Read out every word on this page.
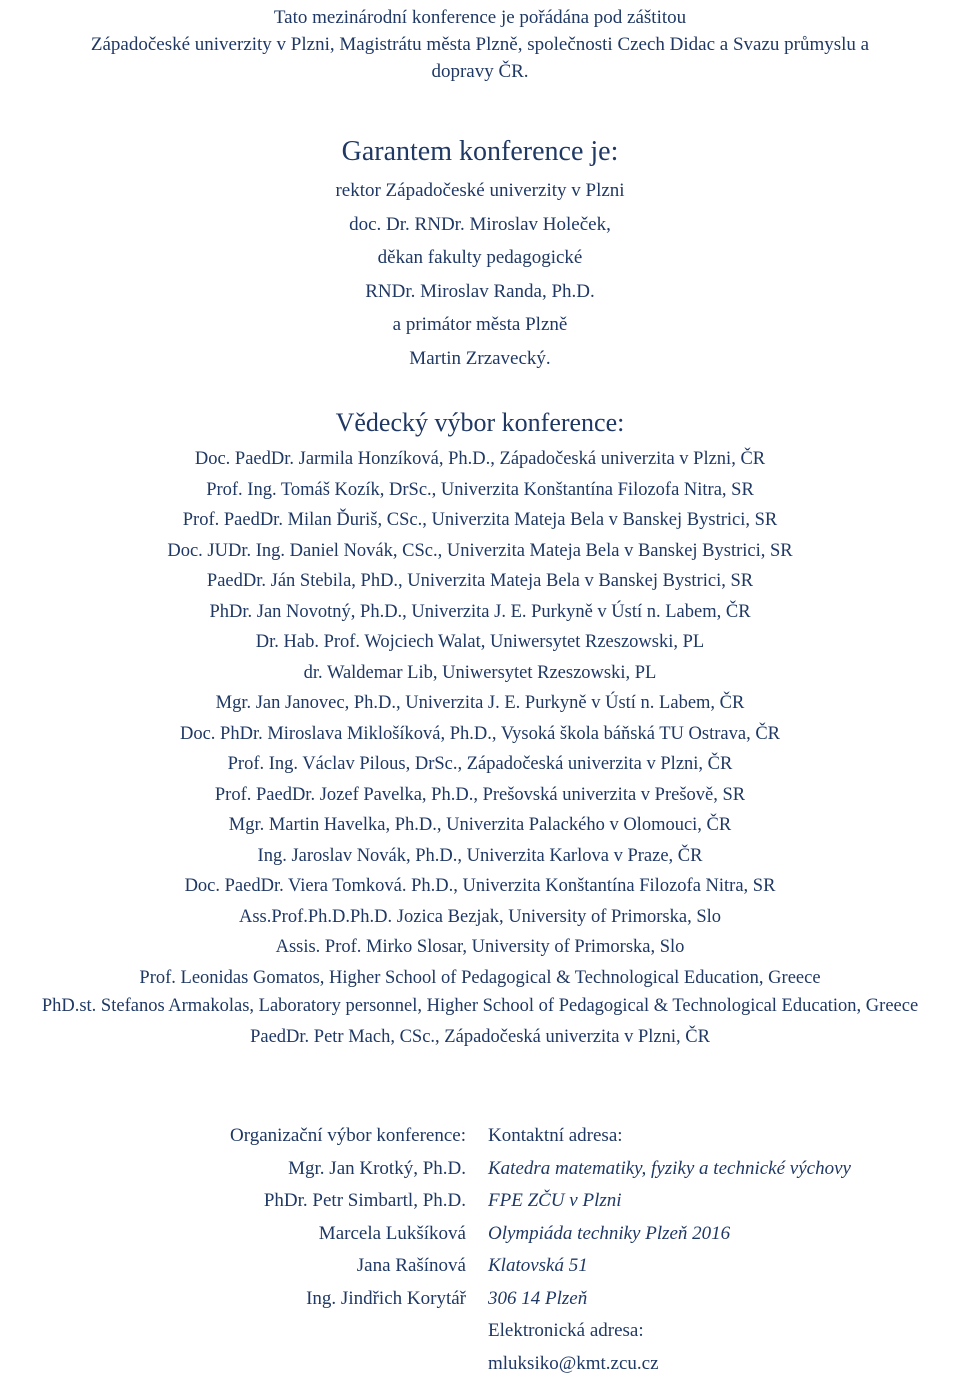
Tato mezinárodní konference je pořádána pod záštitou
Západočeské univerzity v Plzni, Magistrátu města Plzně, společnosti Czech Didac a Svazu průmyslu a
dopravy ČR.
Garantem konference je:
rektor Západočeské univerzity v Plzni
doc. Dr. RNDr. Miroslav Holeček,
děkan fakulty pedagogické
RNDr. Miroslav Randa, Ph.D.
a primátor města Plzně
Martin Zrzavecký.
Vědecký výbor konference:
Doc. PaedDr. Jarmila Honzíková, Ph.D., Západočeská univerzita v Plzni, ČR
Prof. Ing. Tomáš Kozík, DrSc., Univerzita Konštantína Filozofa Nitra, SR
Prof. PaedDr. Milan Ďuriš, CSc., Univerzita Mateja Bela v Banskej Bystrici, SR
Doc. JUDr. Ing. Daniel Novák, CSc., Univerzita Mateja Bela v Banskej Bystrici, SR
PaedDr. Ján Stebila, PhD., Univerzita Mateja Bela v Banskej Bystrici, SR
PhDr. Jan Novotný, Ph.D., Univerzita J. E. Purkyně v Ústí n. Labem, ČR
Dr. Hab. Prof. Wojciech Walat, Uniwersytet Rzeszowski, PL
dr. Waldemar Lib, Uniwersytet Rzeszowski, PL
Mgr. Jan Janovec, Ph.D., Univerzita J. E. Purkyně v Ústí n. Labem, ČR
Doc. PhDr. Miroslava Miklošíková, Ph.D., Vysoká škola báňská TU Ostrava, ČR
Prof. Ing. Václav Pilous, DrSc., Západočeská univerzita v Plzni, ČR
Prof. PaedDr. Jozef Pavelka, Ph.D., Prešovská univerzita v Prešově, SR
Mgr. Martin Havelka, Ph.D., Univerzita Palackého v Olomouci, ČR
Ing. Jaroslav Novák, Ph.D., Univerzita Karlova v Praze, ČR
Doc. PaedDr. Viera Tomková. Ph.D., Univerzita Konštantína Filozofa Nitra, SR
Ass.Prof.Ph.D.Ph.D. Jozica Bezjak, University of Primorska, Slo
Assis. Prof. Mirko Slosar, University of Primorska, Slo
Prof. Leonidas Gomatos, Higher School of Pedagogical & Technological Education, Greece
PhD.st. Stefanos Armakolas, Laboratory personnel, Higher School of Pedagogical & Technological Education, Greece
PaedDr. Petr Mach, CSc., Západočeská univerzita v Plzni, ČR
Organizační výbor konference:
Mgr. Jan Krotký, Ph.D.
PhDr. Petr Simbartl, Ph.D.
Marcela Lukšíková
Jana Rašínová
Ing. Jindřich Korytář
Kontaktní adresa:
Katedra matematiky, fyziky a technické výchovy
FPE ZČU v Plzni
Olympiáda techniky Plzeň 2016
Klatovská 51
306 14 Plzeň
Elektronická adresa:
mluksiko@kmt.zcu.cz
